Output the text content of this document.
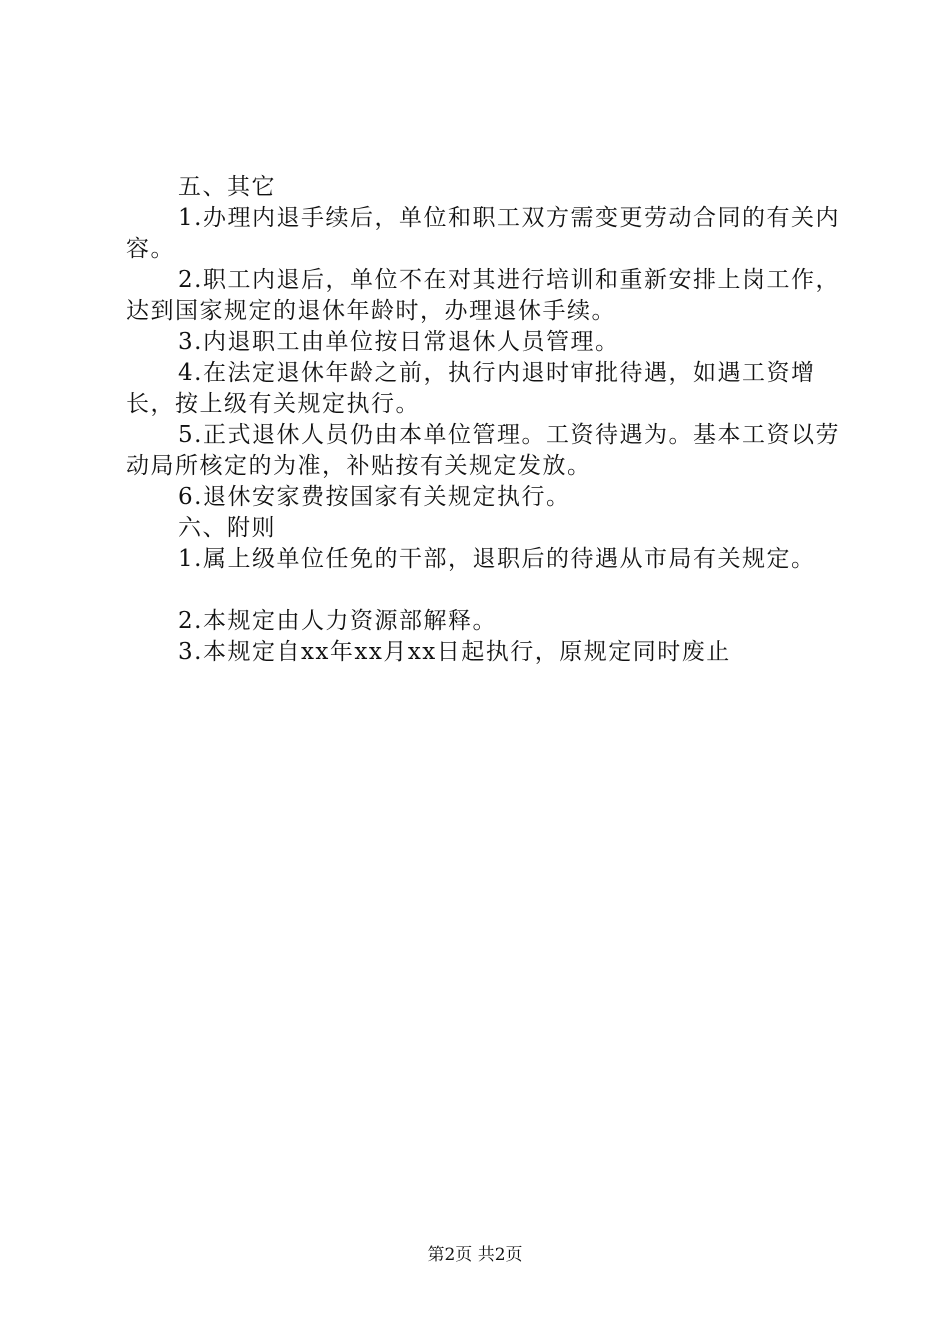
五、其它

1.办理内退手续后，单位和职工双方需变更劳动合同的有关内容。

2.职工内退后，单位不在对其进行培训和重新安排上岗工作，达到国家规定的退休年龄时，办理退休手续。

3.内退职工由单位按日常退休人员管理。

4.在法定退休年龄之前，执行内退时审批待遇，如遇工资增长，按上级有关规定执行。

5.正式退休人员仍由本单位管理。工资待遇为。基本工资以劳动局所核定的为准，补贴按有关规定发放。

6.退休安家费按国家有关规定执行。

六、附则

1.属上级单位任免的干部，退职后的待遇从市局有关规定。

2.本规定由人力资源部解释。

3.本规定自xx年xx月xx日起执行，原规定同时废止

第2页 共2页
